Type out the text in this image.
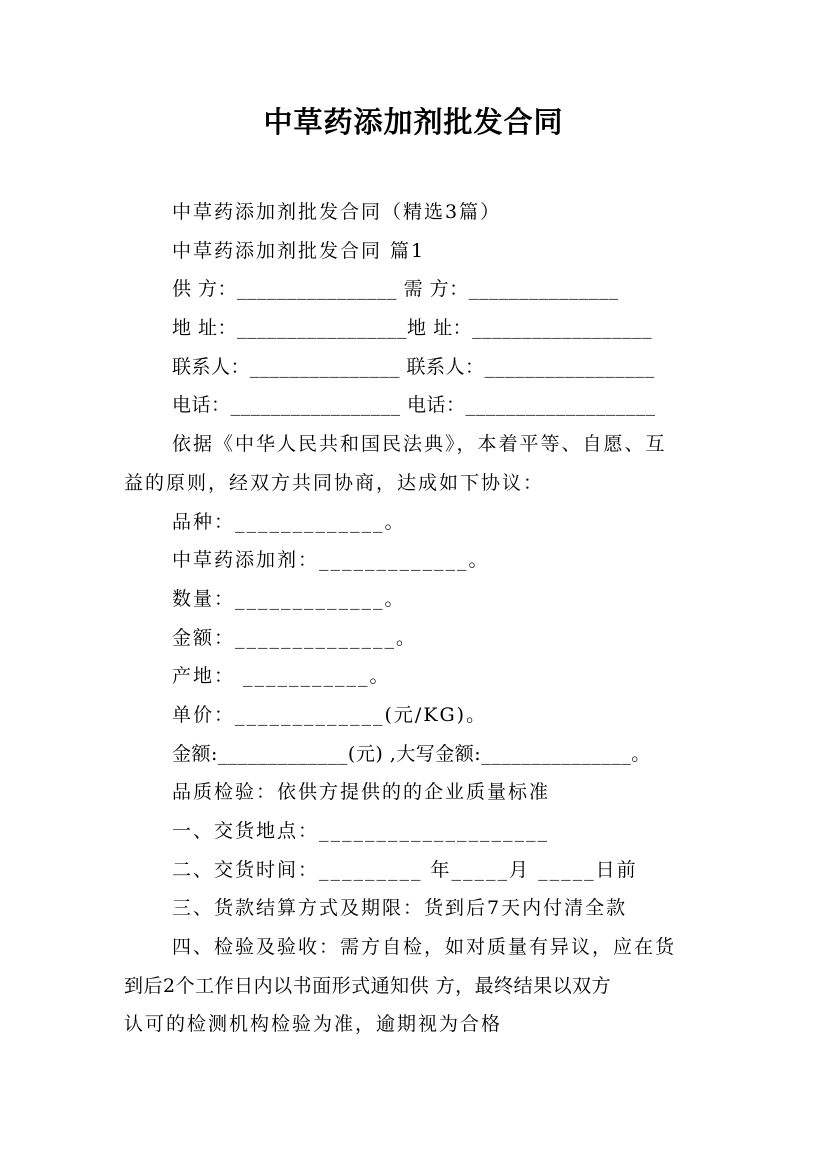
中草药添加剂批发合同
中草药添加剂批发合同（精选3篇）
中草药添加剂批发合同 篇1
供 方：________________ 需 方：_______________
地 址：_________________地 址：__________________
联系人：_______________ 联系人：_________________
电话：_________________ 电话：___________________
依据《中华人民共和国民法典》，本着平等、自愿、互
益的原则，经双方共同协商，达成如下协议：
品种：_____________。
中草药添加剂：_____________。
数量：_____________。
金额：______________。
产地： ___________。
单价：_____________(元/KG)。
金额:_____________(元) ,大写金额:_______________。
品质检验：依供方提供的的企业质量标准
一、交货地点：____________________
二、交货时间：_________ 年_____月 _____日前
三、货款结算方式及期限：货到后7天内付清全款
四、检验及验收：需方自检，如对质量有异议，应在货
到后2个工作日内以书面形式通知供 方，最终结果以双方
认可的检测机构检验为准，逾期视为合格
